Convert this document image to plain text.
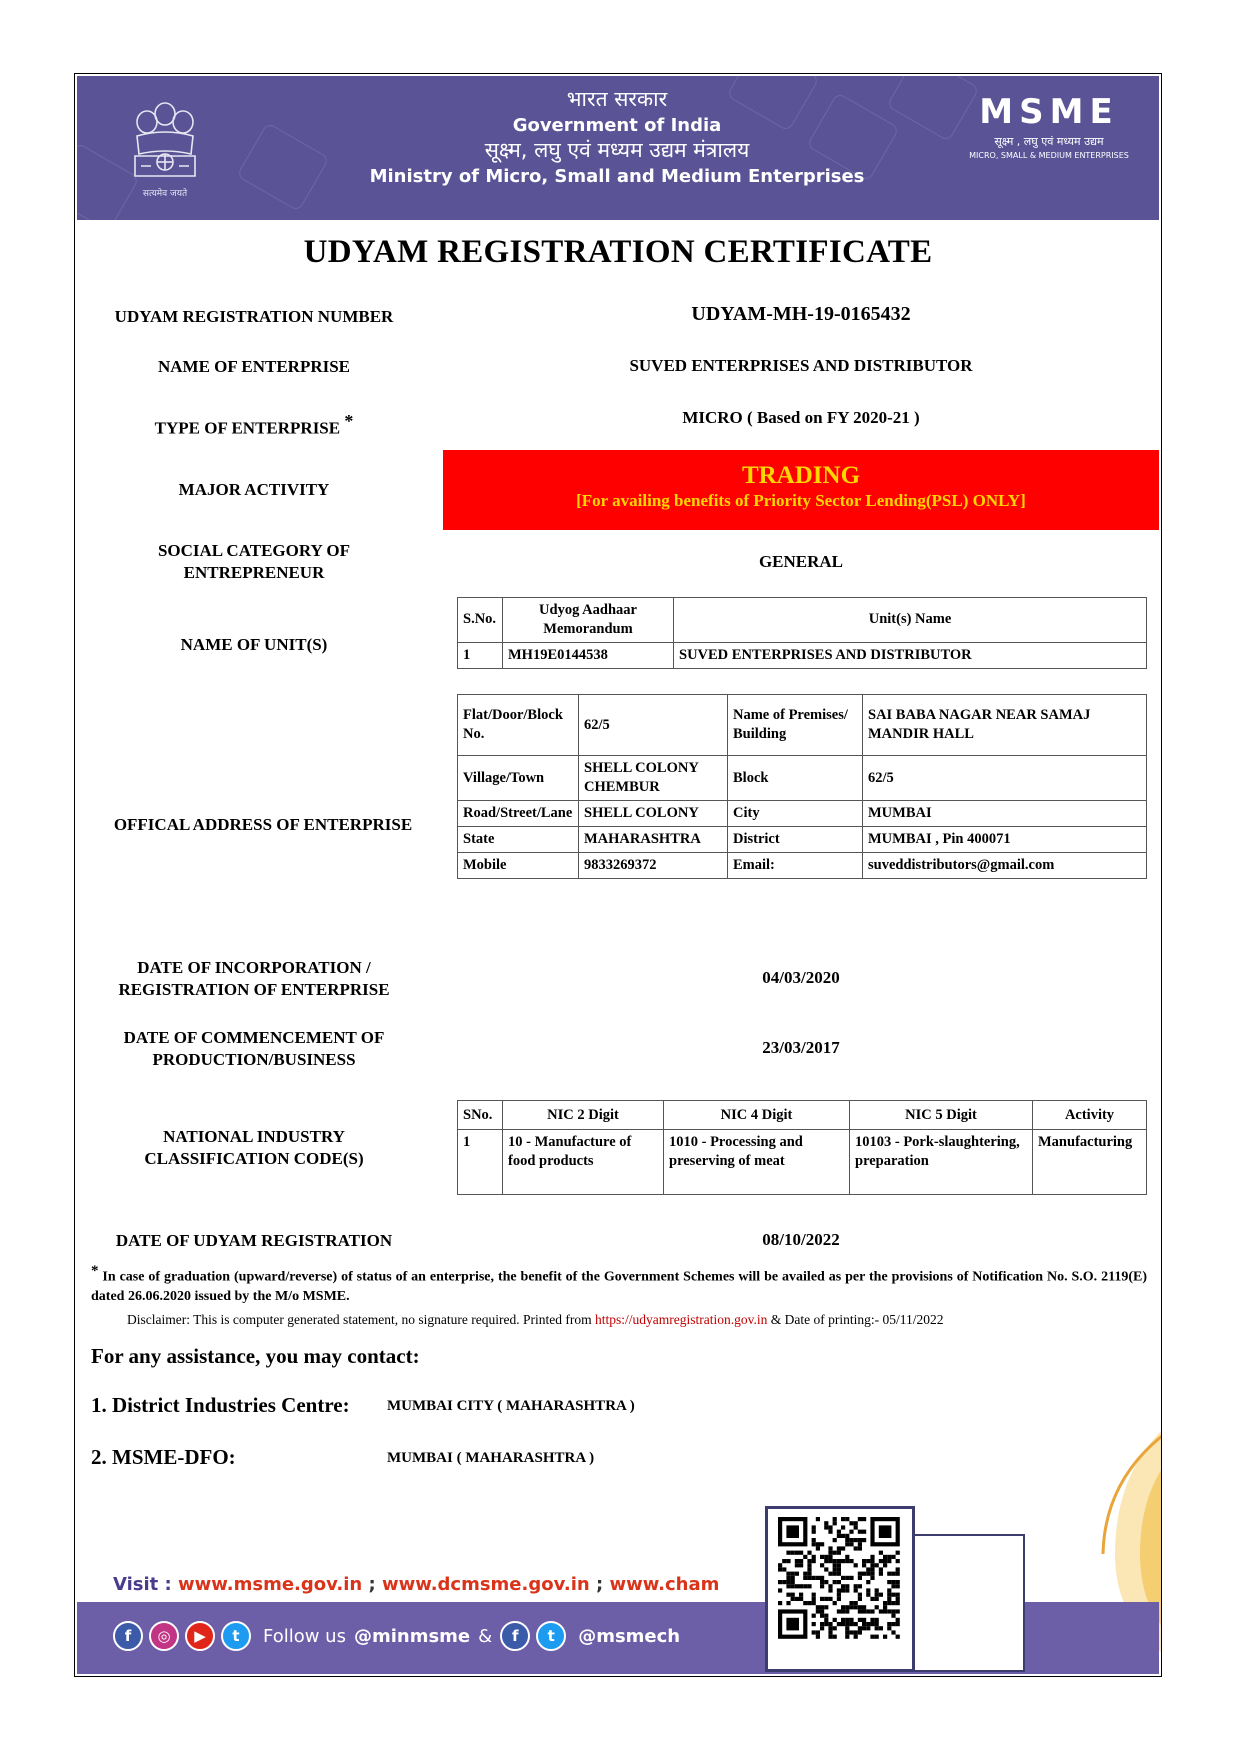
सत्यमेव जयते
भारत सरकार
Government of India
सूक्ष्म, लघु एवं मध्यम उद्यम मंत्रालय
Ministry of Micro, Small and Medium Enterprises
MSME
सूक्ष्म , लघु एवं मध्यम उद्यम
MICRO, SMALL & MEDIUM ENTERPRISES
UDYAM REGISTRATION CERTIFICATE
UDYAM REGISTRATION NUMBER	UDYAM-MH-19-0165432
NAME OF ENTERPRISE	SUVED ENTERPRISES AND DISTRIBUTOR
TYPE OF ENTERPRISE *	MICRO ( Based on FY 2020-21 )
MAJOR ACTIVITY
TRADING
[For availing benefits of Priority Sector Lending(PSL) ONLY]
SOCIAL CATEGORY OF
ENTREPRENEUR
GENERAL
NAME OF UNIT(S)
S.No.	Udyog Aadhaar Memorandum	Unit(s) Name
1	MH19E0144538	SUVED ENTERPRISES AND DISTRIBUTOR
OFFICAL ADDRESS OF ENTERPRISE
Flat/Door/Block No.	62/5	Name of Premises/ Building	SAI BABA NAGAR NEAR SAMAJ MANDIR HALL
Village/Town	SHELL COLONY CHEMBUR	Block	62/5
Road/Street/Lane	SHELL COLONY	City	MUMBAI
State	MAHARASHTRA	District	MUMBAI , Pin 400071
Mobile	9833269372	Email:	suveddistributors@gmail.com
DATE OF INCORPORATION /
REGISTRATION OF ENTERPRISE
04/03/2020
DATE OF COMMENCEMENT OF
PRODUCTION/BUSINESS
23/03/2017
NATIONAL INDUSTRY
CLASSIFICATION CODE(S)
SNo.	NIC 2 Digit	NIC 4 Digit	NIC 5 Digit	Activity
1	10 - Manufacture of food products	1010 - Processing and preserving of meat	10103 - Pork-slaughtering, preparation	Manufacturing
DATE OF UDYAM REGISTRATION	08/10/2022
* In case of graduation (upward/reverse) of status of an enterprise, the benefit of the Government Schemes will be availed as per the provisions of Notification No. S.O. 2119(E) dated 26.06.2020 issued by the M/o MSME.
Disclaimer: This is computer generated statement, no signature required. Printed from https://udyamregistration.gov.in & Date of printing:- 05/11/2022
For any assistance, you may contact:
1. District Industries Centre: MUMBAI CITY ( MAHARASHTRA )
2. MSME-DFO:	MUMBAI ( MAHARASHTRA )
Visit : www.msme.gov.in ; www.dcmsme.gov.in ; www.cham
f	◎	▶	t	Follow us @minmsme &	f	t	@msmech
